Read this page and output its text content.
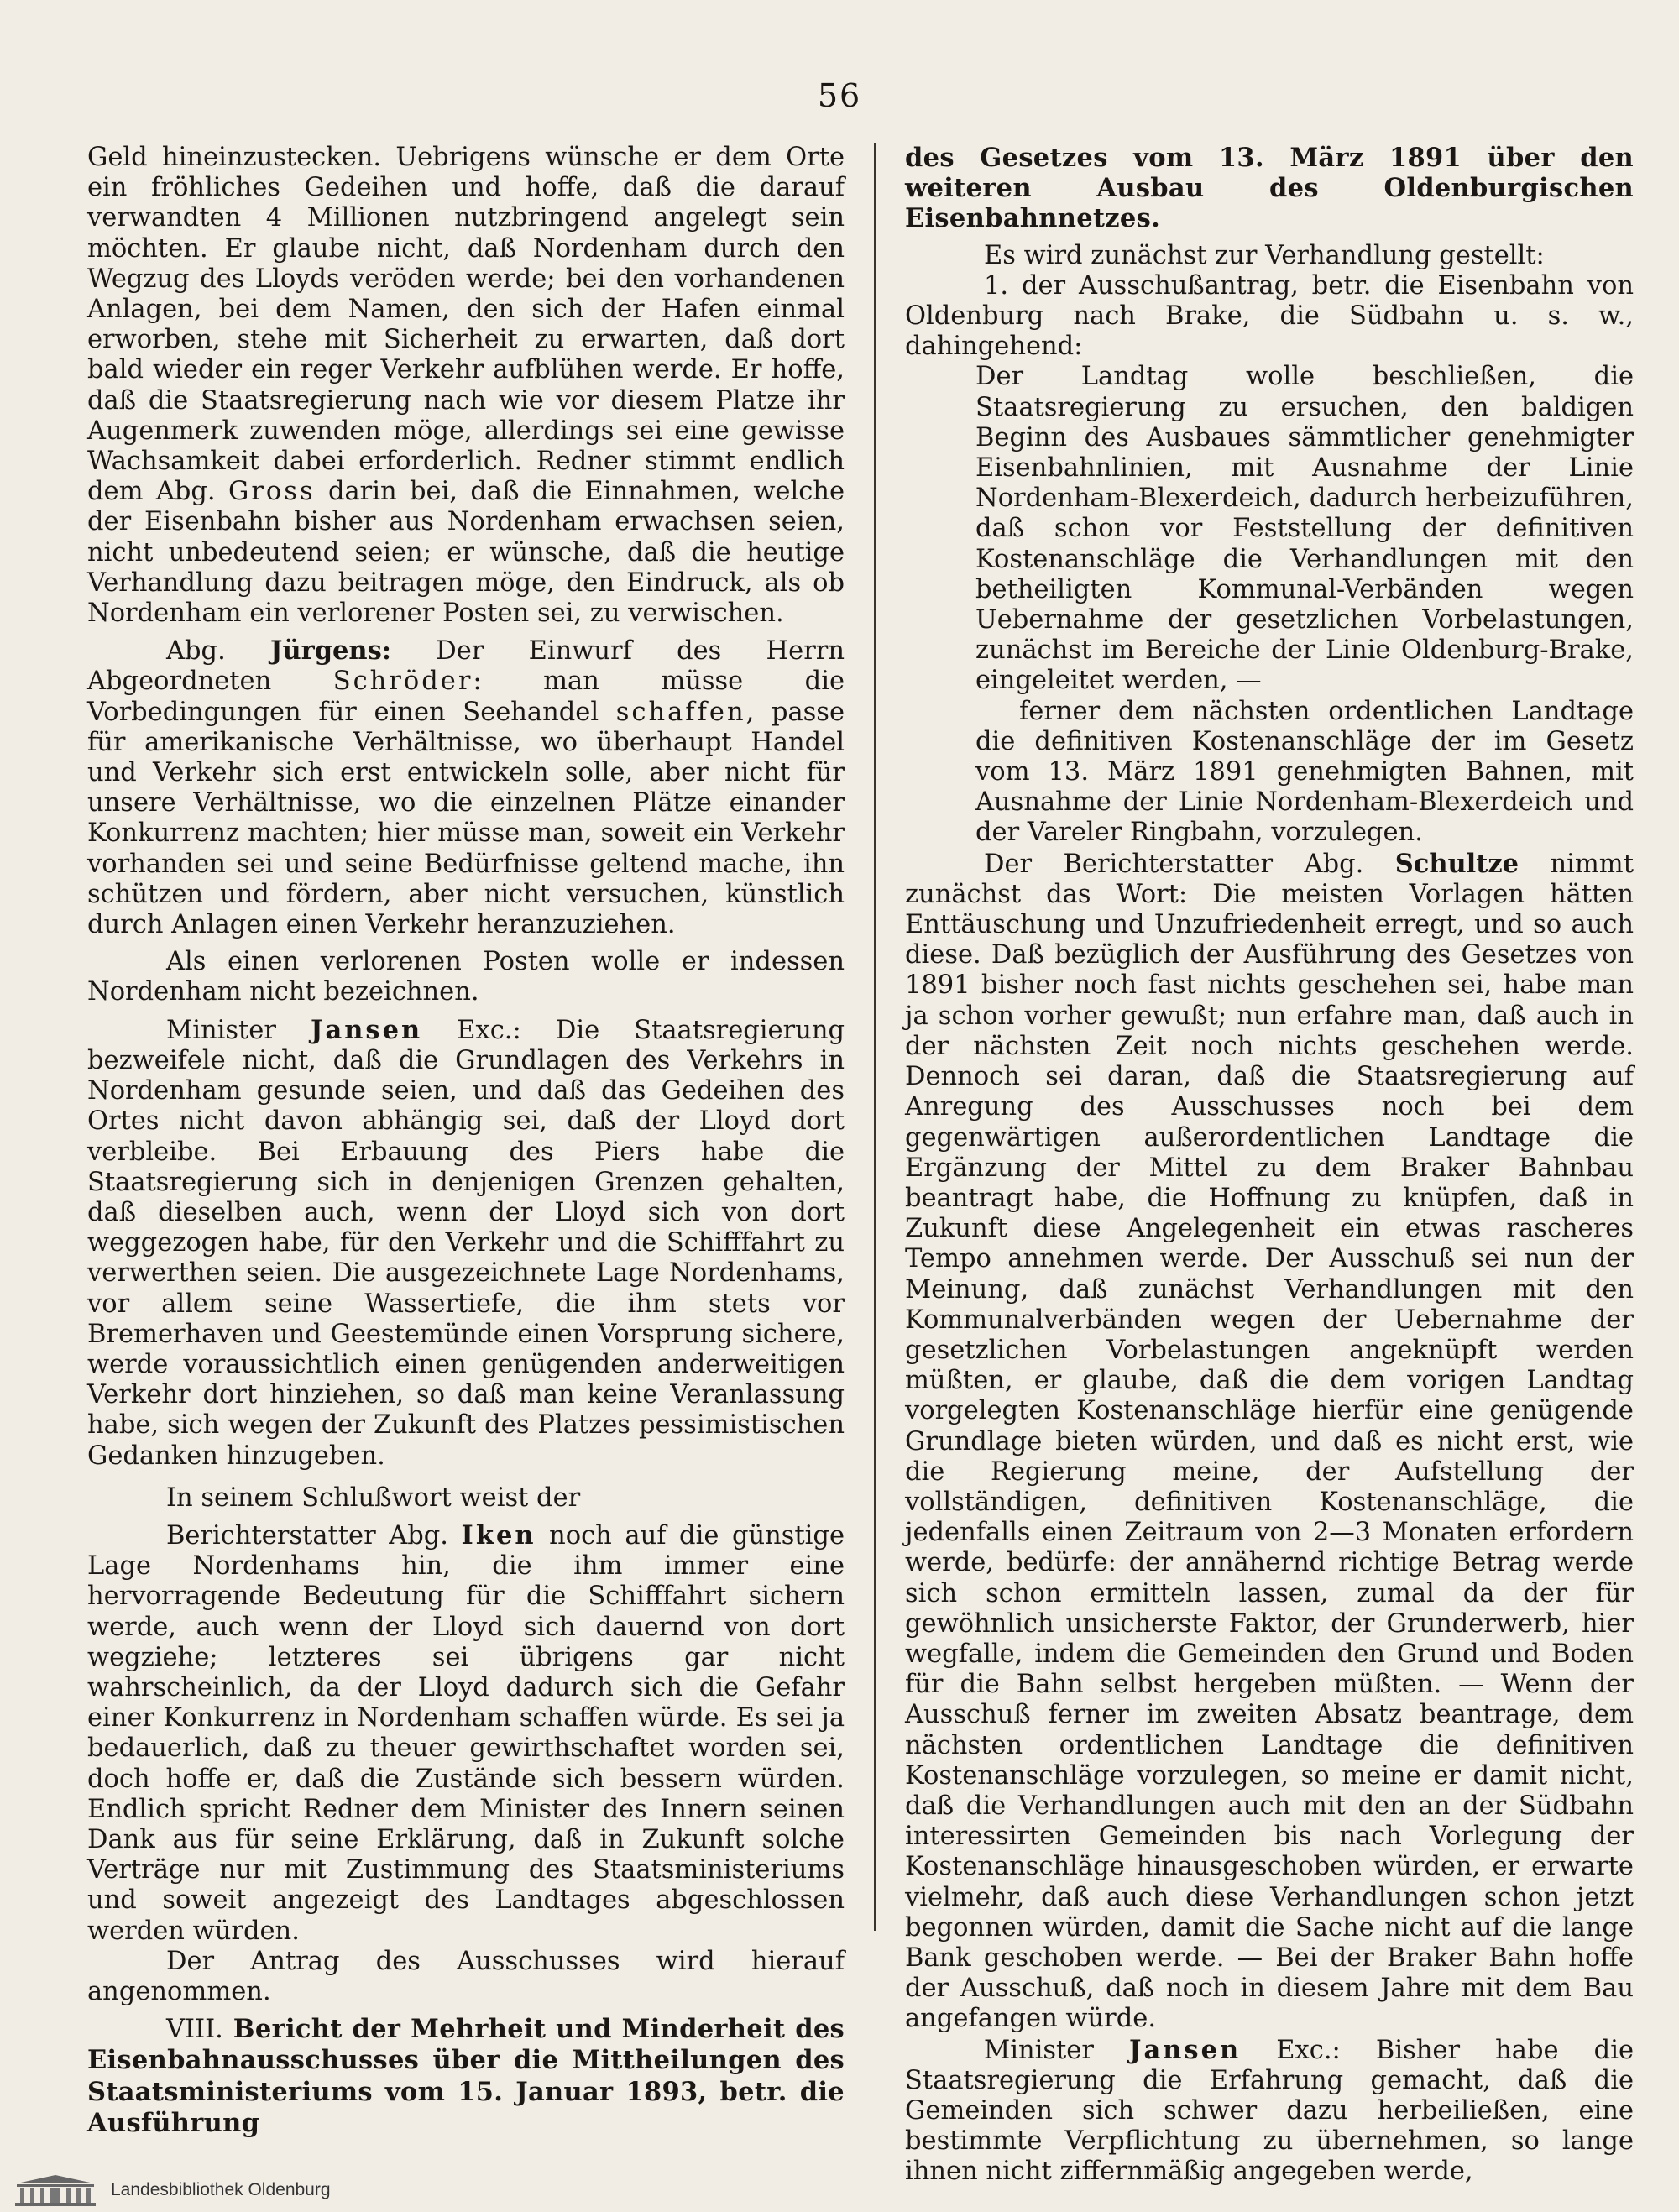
56

Geld hineinzustecken. Uebrigens wünsche er dem Orte ein fröhliches Gedeihen und hoffe, daß die darauf verwandten 4 Millionen nutzbringend angelegt sein möchten. Er glaube nicht, daß Nordenham durch den Wegzug des Lloyds veröden werde; bei den vorhandenen Anlagen, bei dem Namen, den sich der Hafen einmal erworben, stehe mit Sicherheit zu erwarten, daß dort bald wieder ein reger Verkehr aufblühen werde. Er hoffe, daß die Staatsregierung nach wie vor diesem Platze ihr Augenmerk zuwenden möge, allerdings sei eine gewisse Wachsamkeit dabei erforderlich. Redner stimmt endlich dem Abg. Gross darin bei, daß die Einnahmen, welche der Eisenbahn bisher aus Nordenham erwachsen seien, nicht unbedeutend seien; er wünsche, daß die heutige Verhandlung dazu beitragen möge, den Eindruck, als ob Nordenham ein verlorener Posten sei, zu verwischen.

Abg. Jürgens: Der Einwurf des Herrn Abgeordneten Schröder: man müsse die Vorbedingungen für einen Seehandel schaffen, passe für amerikanische Verhältnisse, wo überhaupt Handel und Verkehr sich erst entwickeln solle, aber nicht für unsere Verhältnisse, wo die einzelnen Plätze einander Konkurrenz machten; hier müsse man, soweit ein Verkehr vorhanden sei und seine Bedürfnisse geltend mache, ihn schützen und fördern, aber nicht versuchen, künstlich durch Anlagen einen Verkehr heranzuziehen.

Als einen verlorenen Posten wolle er indessen Nordenham nicht bezeichnen.

Minister Jansen Exc.: Die Staatsregierung bezweifele nicht, daß die Grundlagen des Verkehrs in Nordenham gesunde seien, und daß das Gedeihen des Ortes nicht davon abhängig sei, daß der Lloyd dort verbleibe. Bei Erbauung des Piers habe die Staatsregierung sich in denjenigen Grenzen gehalten, daß dieselben auch, wenn der Lloyd sich von dort weggezogen habe, für den Verkehr und die Schifffahrt zu verwerthen seien. Die ausgezeichnete Lage Nordenhams, vor allem seine Wassertiefe, die ihm stets vor Bremerhaven und Geestemünde einen Vorsprung sichere, werde voraussichtlich einen genügenden anderweitigen Verkehr dort hinziehen, so daß man keine Veranlassung habe, sich wegen der Zukunft des Platzes pessimistischen Gedanken hinzugeben.

In seinem Schlußwort weist der

Berichterstatter Abg. Iken noch auf die günstige Lage Nordenhams hin, die ihm immer eine hervorragende Bedeutung für die Schifffahrt sichern werde, auch wenn der Lloyd sich dauernd von dort wegziehe; letzteres sei übrigens gar nicht wahrscheinlich, da der Lloyd dadurch sich die Gefahr einer Konkurrenz in Nordenham schaffen würde. Es sei ja bedauerlich, daß zu theuer gewirthschaftet worden sei, doch hoffe er, daß die Zustände sich bessern würden. Endlich spricht Redner dem Minister des Innern seinen Dank aus für seine Erklärung, daß in Zukunft solche Verträge nur mit Zustimmung des Staatsministeriums und soweit angezeigt des Landtages abgeschlossen werden würden.

Der Antrag des Ausschusses wird hierauf angenommen.

VIII. Bericht der Mehrheit und Minderheit des Eisenbahnausschusses über die Mittheilungen des Staatsministeriums vom 15. Januar 1893, betr. die Ausführung

des Gesetzes vom 13. März 1891 über den weiteren Ausbau des Oldenburgischen Eisenbahnnetzes.

Es wird zunächst zur Verhandlung gestellt:

1. der Ausschußantrag, betr. die Eisenbahn von Oldenburg nach Brake, die Südbahn u. s. w., dahingehend:

Der Landtag wolle beschließen, die Staatsregierung zu ersuchen, den baldigen Beginn des Ausbaues sämmtlicher genehmigter Eisenbahnlinien, mit Ausnahme der Linie Nordenham-Blexerdeich, dadurch herbeizuführen, daß schon vor Feststellung der definitiven Kostenanschläge die Verhandlungen mit den betheiligten Kommunal-Verbänden wegen Uebernahme der gesetzlichen Vorbelastungen, zunächst im Bereiche der Linie Oldenburg-Brake, eingeleitet werden, —

ferner dem nächsten ordentlichen Landtage die definitiven Kostenanschläge der im Gesetz vom 13. März 1891 genehmigten Bahnen, mit Ausnahme der Linie Nordenham-Blexerdeich und der Vareler Ringbahn, vorzulegen.

Der Berichterstatter Abg. Schultze nimmt zunächst das Wort: Die meisten Vorlagen hätten Enttäuschung und Unzufriedenheit erregt, und so auch diese. Daß bezüglich der Ausführung des Gesetzes von 1891 bisher noch fast nichts geschehen sei, habe man ja schon vorher gewußt; nun erfahre man, daß auch in der nächsten Zeit noch nichts geschehen werde. Dennoch sei daran, daß die Staatsregierung auf Anregung des Ausschusses noch bei dem gegenwärtigen außerordentlichen Landtage die Ergänzung der Mittel zu dem Braker Bahnbau beantragt habe, die Hoffnung zu knüpfen, daß in Zukunft diese Angelegenheit ein etwas rascheres Tempo annehmen werde. Der Ausschuß sei nun der Meinung, daß zunächst Verhandlungen mit den Kommunalverbänden wegen der Uebernahme der gesetzlichen Vorbelastungen angeknüpft werden müßten, er glaube, daß die dem vorigen Landtag vorgelegten Kostenanschläge hierfür eine genügende Grundlage bieten würden, und daß es nicht erst, wie die Regierung meine, der Aufstellung der vollständigen, definitiven Kostenanschläge, die jedenfalls einen Zeitraum von 2—3 Monaten erfordern werde, bedürfe: der annähernd richtige Betrag werde sich schon ermitteln lassen, zumal da der für gewöhnlich unsicherste Faktor, der Grunderwerb, hier wegfalle, indem die Gemeinden den Grund und Boden für die Bahn selbst hergeben müßten. — Wenn der Ausschuß ferner im zweiten Absatz beantrage, dem nächsten ordentlichen Landtage die definitiven Kostenanschläge vorzulegen, so meine er damit nicht, daß die Verhandlungen auch mit den an der Südbahn interessirten Gemeinden bis nach Vorlegung der Kostenanschläge hinausgeschoben würden, er erwarte vielmehr, daß auch diese Verhandlungen schon jetzt begonnen würden, damit die Sache nicht auf die lange Bank geschoben werde. — Bei der Braker Bahn hoffe der Ausschuß, daß noch in diesem Jahre mit dem Bau angefangen würde.

Minister Jansen Exc.: Bisher habe die Staatsregierung die Erfahrung gemacht, daß die Gemeinden sich schwer dazu herbeiließen, eine bestimmte Verpflichtung zu übernehmen, so lange ihnen nicht ziffernmäßig angegeben werde,

Landesbibliothek Oldenburg
